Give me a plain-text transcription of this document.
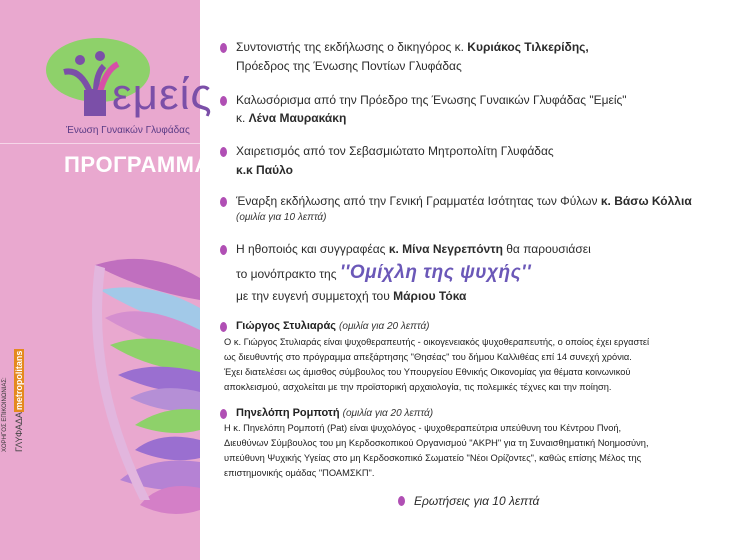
εμείς
Ένωση Γυναικών Γλυφάδας
ΠΡΟΓΡΑΜΜΑ
ΧΟΡΗΓΟΣ ΕΠΙΚΟΙΝΩΝΙΑΣ: ΓΛΥΦΑΔΑmetropolitans
Συντονιστής της εκδήλωσης ο δικηγόρος κ. Κυριάκος Τιλκερίδης,
Πρόεδρος της Ένωσης Ποντίων Γλυφάδας
Καλωσόρισμα από την Πρόεδρο της Ένωσης Γυναικών Γλυφάδας "Εμείς"
κ. Λένα Μαυρακάκη
Χαιρετισμός από τον Σεβασμιώτατο Μητροπολίτη Γλυφάδας
κ.κ Παύλο
Έναρξη εκδήλωσης από την Γενική Γραμματέα Ισότητας των Φύλων κ. Βάσω Κόλλια
(ομιλία για 10 λεπτά)
Η ηθοποιός και συγγραφέας κ. Μίνα Νεγρεπόντη θα παρουσιάσει
το μονόπρακτο της ''Ομίχλη της ψυχής''
με την ευγενή συμμετοχή του Μάριου Τόκα
Γιώργος Στυλιαράς (ομιλία για 20 λεπτά)
Ο κ. Γιώργος Στυλιαράς είναι ψυχοθεραπευτής - οικογενειακός ψυχοθεραπευτής, ο οποίος έχει εργαστεί
ως διευθυντής στο πρόγραμμα απεξάρτησης "Θησέας" του δήμου Καλλιθέας επί 14 συνεχή χρόνια.
Έχει διατελέσει ως άμισθος σύμβουλος του Υπουργείου Εθνικής Οικονομίας για θέματα κοινωνικού
αποκλεισμού, ασχολείται με την προϊστορική αρχαιολογία, τις πολεμικές τέχνες και την ποίηση.
Πηνελόπη Ρομποτή (ομιλία για 20 λεπτά)
Η κ. Πηνελόπη Ρομποτή (Pat) είναι ψυχολόγος - ψυχοθεραπεύτρια υπεύθυνη του Κέντρου Πνοή,
Διευθύνων Σύμβουλος του μη Κερδοσκοπικού Οργανισμού "ΑΚΡΗ" για τη Συναισθηματική Νοημοσύνη,
υπεύθυνη Ψυχικής Υγείας στο μη Κερδοσκοπικό Σωματείο "Νέοι Ορίζοντες", καθώς επίσης Μέλος της
επιστημονικής ομάδας "ΠΟΑΜΣΚΠ".
Ερωτήσεις για 10 λεπτά
